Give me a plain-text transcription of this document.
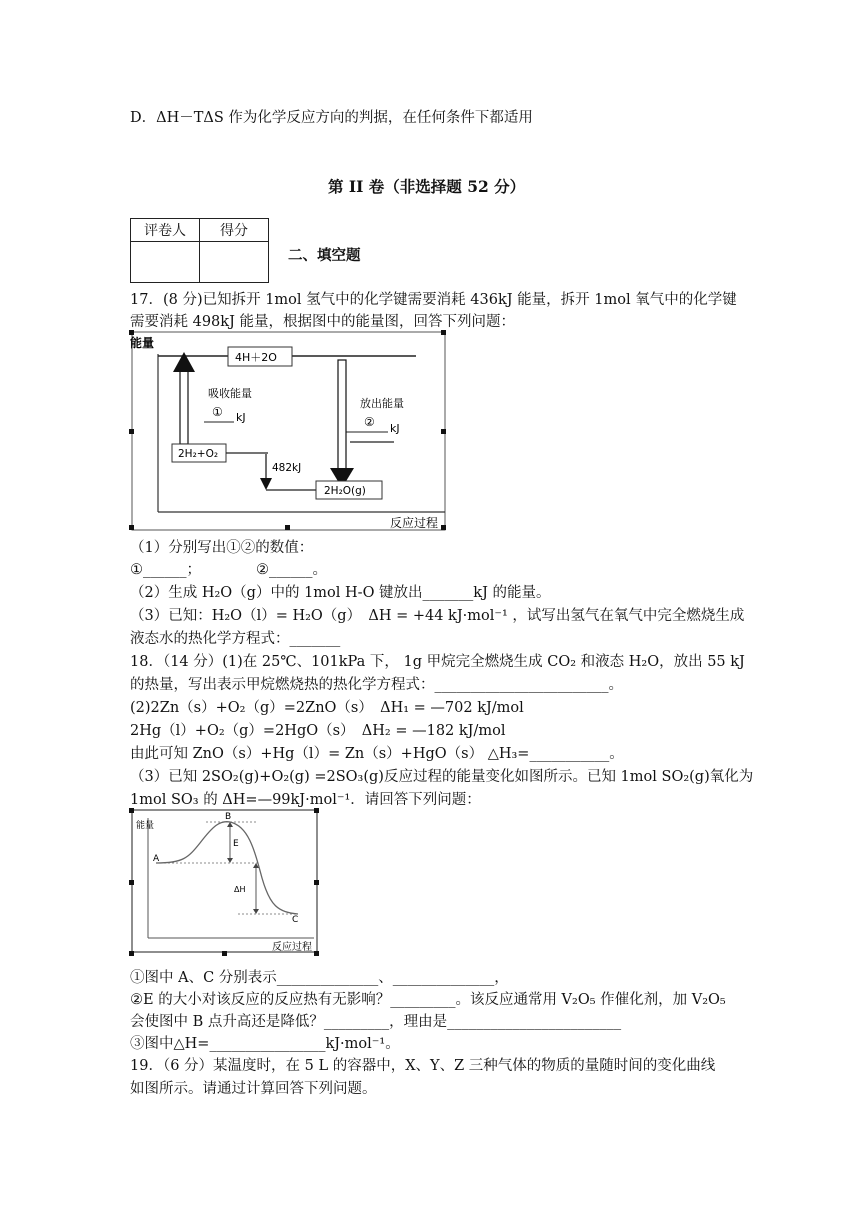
D．ΔH－TΔS 作为化学反应方向的判据，在任何条件下都适用
第 II 卷（非选择题 52 分）
评卷人	得分

二、填空题
17．(8 分)已知拆开 1mol 氢气中的化学键需要消耗 436kJ 能量，拆开 1mol 氧气中的化学键
需要消耗 498kJ 能量，根据图中的能量图，回答下列问题：
能量
反应过程
4H＋2O
吸收能量
① kJ
放出能量
② kJ
2H₂+O₂
482kJ
2H₂O(g)
（1）分别写出①②的数值：
①______；	②______。
（2）生成 H₂O（g）中的 1mol H-O 键放出_______kJ 的能量。
（3）已知：H₂O（l）= H₂O（g）　ΔH = +44 kJ·mol⁻¹ ，试写出氢气在氧气中完全燃烧生成
液态水的热化学方程式：_______
18．（14 分）(1)在 25℃、101kPa 下， 1g 甲烷完全燃烧生成 CO₂ 和液态 H₂O，放出 55 kJ
的热量，写出表示甲烷燃烧热的热化学方程式：________________________。
(2)2Zn（s）+O₂（g）=2ZnO（s）　ΔH₁ = —702 kJ/mol
2Hg（l）+O₂（g）=2HgO（s）　ΔH₂ = —182 kJ/mol
由此可知 ZnO（s）+Hg（l）= Zn（s）+HgO（s） △H₃=___________。
（3）已知 2SO₂(g)+O₂(g) =2SO₃(g)反应过程的能量变化如图所示。已知 1mol SO₂(g)氧化为
1mol SO₃ 的 ΔH=—99kJ·mol⁻¹．请回答下列问题：
能量
反应过程
A
B
C
E
ΔH
①图中 A、C 分别表示______________、______________，
②E 的大小对该反应的反应热有无影响？_________。该反应通常用 V₂O₅ 作催化剂，加 V₂O₅
会使图中 B 点升高还是降低？_________，理由是________________________
③图中△H=________________kJ·mol⁻¹。
19．（6 分）某温度时，在 5 L 的容器中，X、Y、Z 三种气体的物质的量随时间的变化曲线
如图所示。请通过计算回答下列问题。
